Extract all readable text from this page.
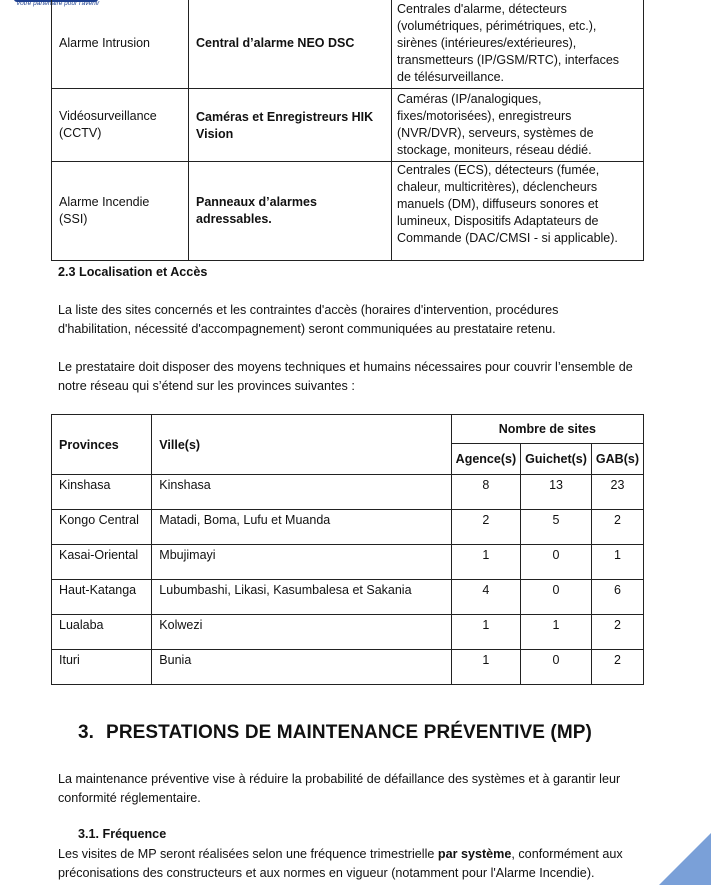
Votre partenaire pour l'avenir
Alarme Intrusion	Central d’alarme NEO DSC	Centrales d'alarme, détecteurs (volumétriques, périmétriques, etc.), sirènes (intérieures/extérieures), transmetteurs (IP/GSM/RTC), interfaces de télésurveillance.
Vidéosurveillance (CCTV)	Caméras et Enregistreurs HIK Vision	Caméras (IP/analogiques, fixes/motorisées), enregistreurs (NVR/DVR), serveurs, systèmes de stockage, moniteurs, réseau dédié.
Alarme Incendie (SSI)	Panneaux d’alarmes adressables.	Centrales (ECS), détecteurs (fumée, chaleur, multicritères), déclencheurs manuels (DM), diffuseurs sonores et lumineux, Dispositifs Adaptateurs de Commande (DAC/CMSI - si applicable).
2.3 Localisation et Accès
La liste des sites concernés et les contraintes d'accès (horaires d'intervention, procédures d'habilitation, nécessité d'accompagnement) seront communiquées au prestataire retenu.
Le prestataire doit disposer des moyens techniques et humains nécessaires pour couvrir l’ensemble de notre réseau qui s’étend sur les provinces suivantes :
Provinces	Ville(s)	Nombre de sites		
		Agence(s)	Guichet(s)	GAB(s)
Kinshasa	Kinshasa	8	13	23
Kongo Central	Matadi, Boma, Lufu et Muanda	2	5	2
Kasai-Oriental	Mbujimayi	1	0	1
Haut-Katanga	Lubumbashi, Likasi, Kasumbalesa et Sakania	4	0	6
Lualaba	Kolwezi	1	1	2
Ituri	Bunia	1	0	2
3. PRESTATIONS DE MAINTENANCE PRÉVENTIVE (MP)
La maintenance préventive vise à réduire la probabilité de défaillance des systèmes et à garantir leur conformité réglementaire.
3.1. Fréquence
Les visites de MP seront réalisées selon une fréquence trimestrielle par système, conformément aux préconisations des constructeurs et aux normes en vigueur (notamment pour l'Alarme Incendie).
